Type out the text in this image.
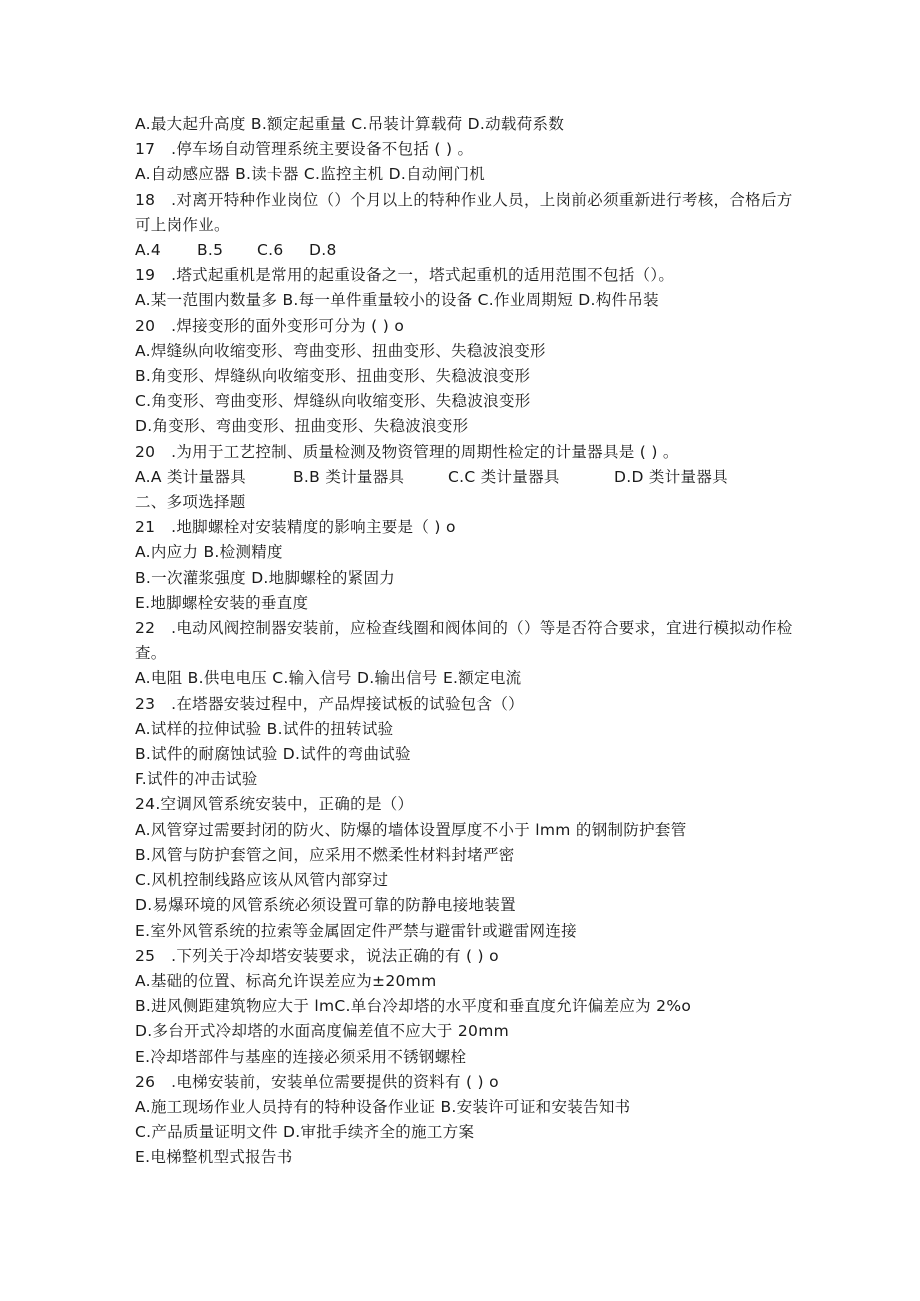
A.最大起升高度 B.额定起重量 C.吊装计算载荷 D.动载荷系数
17　.停车场自动管理系统主要设备不包括 ( ) 。
A.自动感应器 B.读卡器 C.监控主机 D.自动闸门机
18　.对离开特种作业岗位（）个月以上的特种作业人员，上岗前必须重新进行考核，合格后方可上岗作业。
A.4	B.5	C.6	D.8
19　.塔式起重机是常用的起重设备之一，塔式起重机的适用范围不包括（）。
A.某一范围内数量多 B.每一单件重量较小的设备 C.作业周期短 D.构件吊装
20　.焊接变形的面外变形可分为 ( ) o
A.焊缝纵向收缩变形、弯曲变形、扭曲变形、失稳波浪变形
B.角变形、焊缝纵向收缩变形、扭曲变形、失稳波浪变形
C.角变形、弯曲变形、焊缝纵向收缩变形、失稳波浪变形
D.角变形、弯曲变形、扭曲变形、失稳波浪变形
20　.为用于工艺控制、质量检测及物资管理的周期性检定的计量器具是 ( ) 。
A.A 类计量器具	B.B 类计量器具	C.C 类计量器具	D.D 类计量器具
二、多项选择题
21　.地脚螺栓对安装精度的影响主要是（ ) o
A.内应力 B.检测精度
B.一次灌浆强度 D.地脚螺栓的紧固力
E.地脚螺栓安装的垂直度
22　.电动风阀控制器安装前，应检查线圈和阀体间的（）等是否符合要求，宜进行模拟动作检查。
A.电阻 B.供电电压 C.输入信号 D.输出信号 E.额定电流
23　.在塔器安装过程中，产品焊接试板的试验包含（）
A.试样的拉伸试验 B.试件的扭转试验
B.试件的耐腐蚀试验 D.试件的弯曲试验
F.试件的冲击试验
24.空调风管系统安装中，正确的是（）
A.风管穿过需要封闭的防火、防爆的墙体设置厚度不小于 lmm 的钢制防护套管
B.风管与防护套管之间，应采用不燃柔性材料封堵严密
C.风机控制线路应该从风管内部穿过
D.易爆环境的风管系统必须设置可靠的防静电接地装置
E.室外风管系统的拉索等金属固定件严禁与避雷针或避雷网连接
25　.下列关于冷却塔安装要求，说法正确的有 ( ) o
A.基础的位置、标高允许误差应为±20mm
B.进风侧距建筑物应大于 lmC.单台冷却塔的水平度和垂直度允许偏差应为 2%o
D.多台开式冷却塔的水面高度偏差值不应大于 20mm
E.冷却塔部件与基座的连接必须采用不锈钢螺栓
26　.电梯安装前，安装单位需要提供的资料有 ( ) o
A.施工现场作业人员持有的特种设备作业证 B.安装许可证和安装告知书
C.产品质量证明文件 D.审批手续齐全的施工方案
E.电梯整机型式报告书
